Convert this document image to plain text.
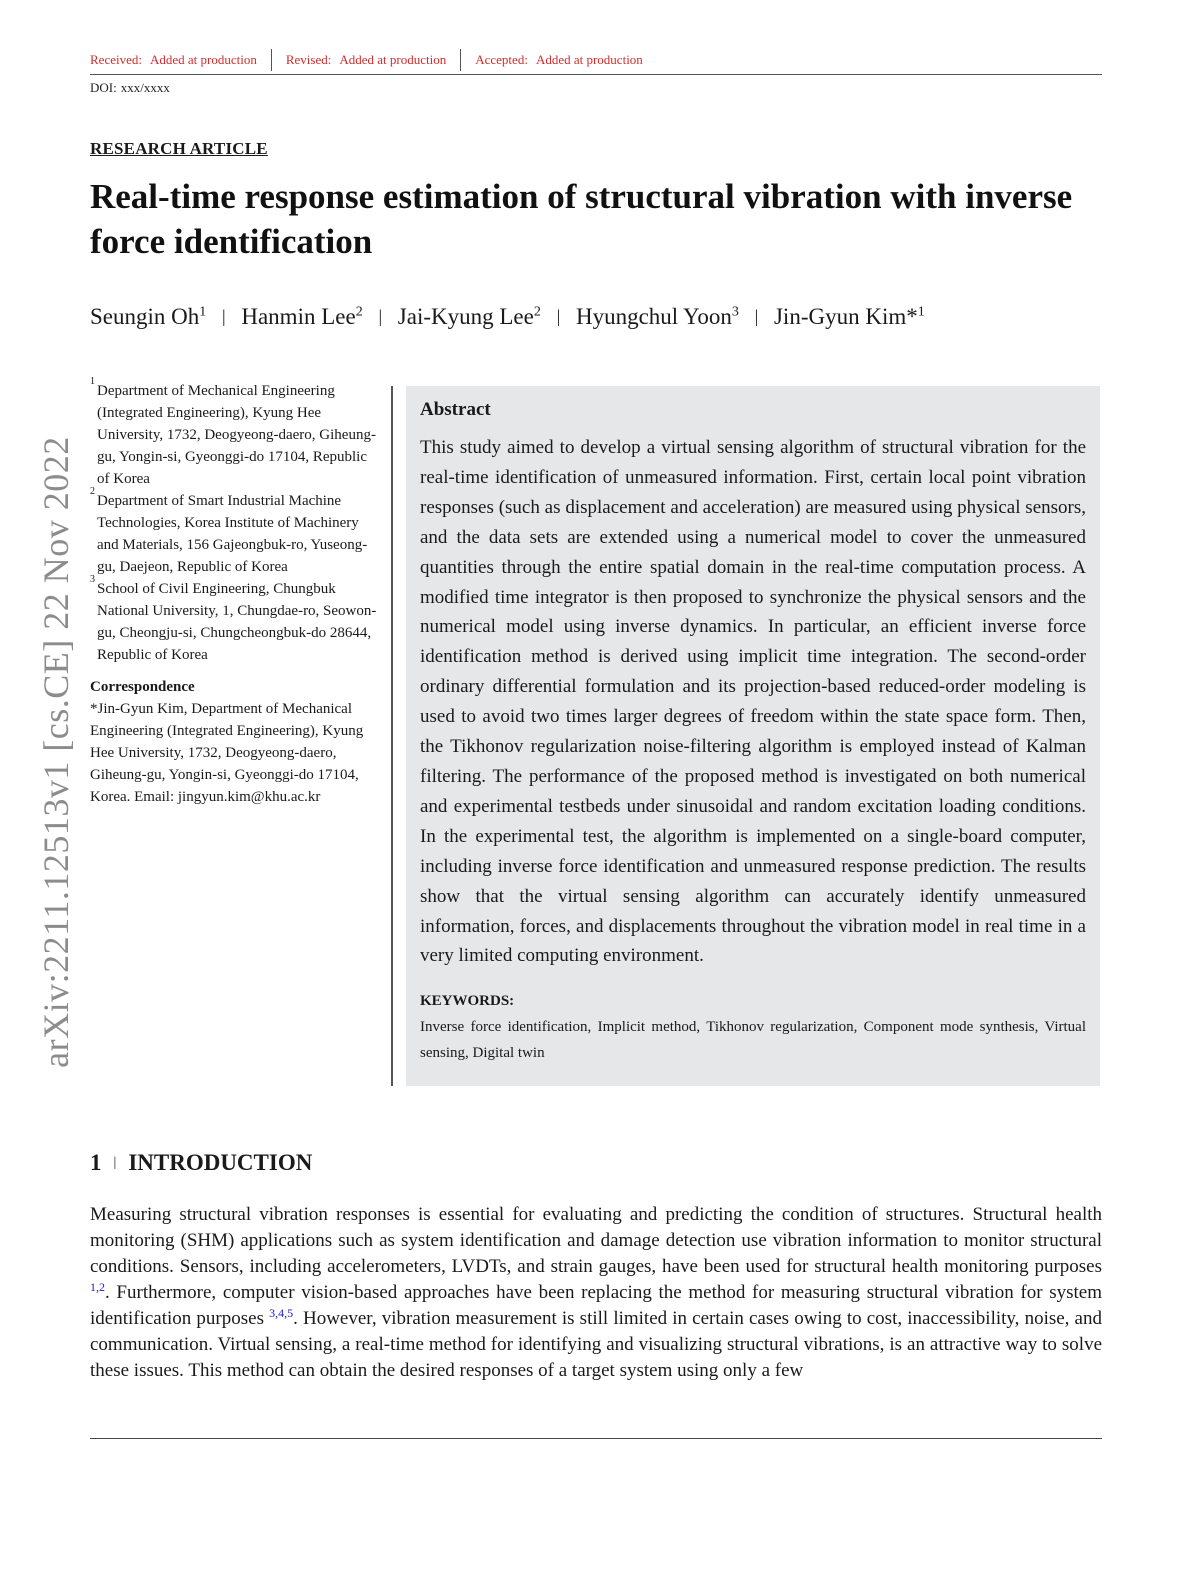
arXiv:2211.12513v1 [cs.CE] 22 Nov 2022
Received: Added at production Revised: Added at production Accepted: Added at production
DOI: xxx/xxxx
RESEARCH ARTICLE
Real-time response estimation of structural vibration with inverse force identification
Seungin Oh$^1$ | Hanmin Lee$^2$ | Jai-Kyung Lee$^2$ | Hyungchul Yoon$^3$ | Jin-Gyun Kim*$^1$
1
Department of Mechanical Engineering (Integrated Engineering), Kyung Hee University, 1732, Deogyeong-daero, Giheung-gu, Yongin-si, Gyeonggi-do 17104, Republic of Korea
2
Department of Smart Industrial Machine Technologies, Korea Institute of Machinery and Materials, 156 Gajeongbuk-ro, Yuseong-gu, Daejeon, Republic of Korea
3
School of Civil Engineering, Chungbuk National University, 1, Chungdae-ro, Seowon-gu, Cheongju-si, Chungcheongbuk-do 28644, Republic of Korea
Correspondence
*Jin-Gyun Kim, Department of Mechanical Engineering (Integrated Engineering), Kyung Hee University, 1732, Deogyeong-daero, Giheung-gu, Yongin-si, Gyeonggi-do 17104, Korea. Email: jingyun.kim@khu.ac.kr
Abstract

This study aimed to develop a virtual sensing algorithm of structural vibration for the real-time identification of unmeasured information. First, certain local point vibration responses (such as displacement and acceleration) are measured using physical sensors, and the data sets are extended using a numerical model to cover the unmeasured quantities through the entire spatial domain in the real-time computation process. A modified time integrator is then proposed to synchronize the physical sensors and the numerical model using inverse dynamics. In particular, an efficient inverse force identification method is derived using implicit time integration. The second-order ordinary differential formulation and its projection-based reduced-order modeling is used to avoid two times larger degrees of freedom within the state space form. Then, the Tikhonov regularization noise-filtering algorithm is employed instead of Kalman filtering. The performance of the proposed method is investigated on both numerical and experimental testbeds under sinusoidal and random excitation loading conditions. In the experimental test, the algorithm is implemented on a single-board computer, including inverse force identification and unmeasured response prediction. The results show that the virtual sensing algorithm can accurately identify unmeasured information, forces, and displacements throughout the vibration model in real time in a very limited computing environment.

KEYWORDS:
Inverse force identification, Implicit method, Tikhonov regularization, Component mode synthesis, Virtual sensing, Digital twin
1 | INTRODUCTION

Measuring structural vibration responses is essential for evaluating and predicting the condition of structures. Structural health monitoring (SHM) applications such as system identification and damage detection use vibration information to monitor structural conditions. Sensors, including accelerometers, LVDTs, and strain gauges, have been used for structural health monitoring purposes $^{1,2}$. Furthermore, computer vision-based approaches have been replacing the method for measuring structural vibration for system identification purposes $^{3,4,5}$. However, vibration measurement is still limited in certain cases owing to cost, inaccessibility, noise, and communication. Virtual sensing, a real-time method for identifying and visualizing structural vibrations, is an attractive way to solve these issues. This method can obtain the desired responses of a target system using only a few
